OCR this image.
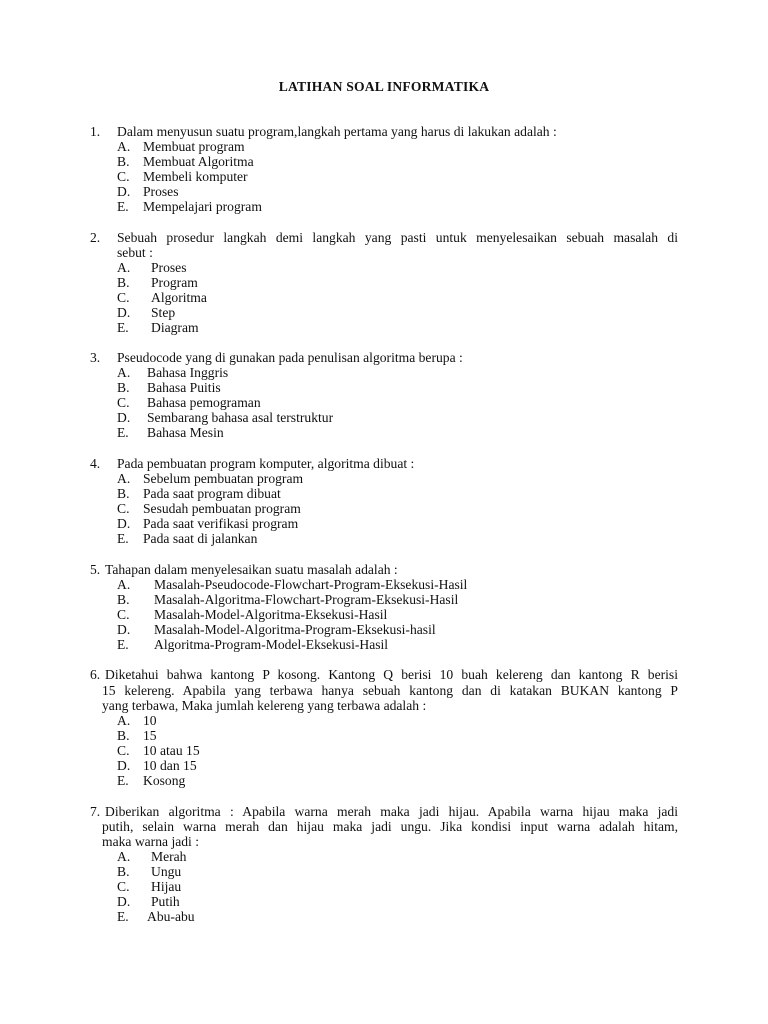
LATIHAN SOAL INFORMATIKA
1. Dalam menyusun suatu program,langkah pertama yang harus di lakukan adalah :
A. Membuat program
B. Membuat Algoritma
C. Membeli komputer
D. Proses
E. Mempelajari program
2. Sebuah prosedur langkah demi langkah yang pasti untuk menyelesaikan sebuah masalah di
sebut :
A. Proses
B. Program
C. Algoritma
D. Step
E. Diagram
3. Pseudocode yang di gunakan pada penulisan algoritma berupa :
A. Bahasa Inggris
B. Bahasa Puitis
C. Bahasa pemograman
D. Sembarang bahasa asal terstruktur
E. Bahasa Mesin
4. Pada pembuatan program komputer, algoritma dibuat :
A. Sebelum pembuatan program
B. Pada saat program dibuat
C. Sesudah pembuatan program
D. Pada saat verifikasi program
E. Pada saat di jalankan
5. Tahapan dalam menyelesaikan suatu masalah adalah :
A. Masalah-Pseudocode-Flowchart-Program-Eksekusi-Hasil
B. Masalah-Algoritma-Flowchart-Program-Eksekusi-Hasil
C. Masalah-Model-Algoritma-Eksekusi-Hasil
D. Masalah-Model-Algoritma-Program-Eksekusi-hasil
E. Algoritma-Program-Model-Eksekusi-Hasil
6. Diketahui bahwa kantong P kosong. Kantong Q berisi 10 buah kelereng dan kantong R berisi
15 kelereng. Apabila yang terbawa hanya sebuah kantong dan di katakan BUKAN kantong P
yang terbawa, Maka jumlah kelereng yang terbawa adalah :
A. 10
B. 15
C. 10 atau 15
D. 10 dan 15
E. Kosong
7. Diberikan algoritma : Apabila warna merah maka jadi hijau. Apabila warna hijau maka jadi
putih, selain warna merah dan hijau maka jadi ungu. Jika kondisi input warna adalah hitam,
maka warna jadi :
A. Merah
B. Ungu
C. Hijau
D. Putih
E. Abu-abu
